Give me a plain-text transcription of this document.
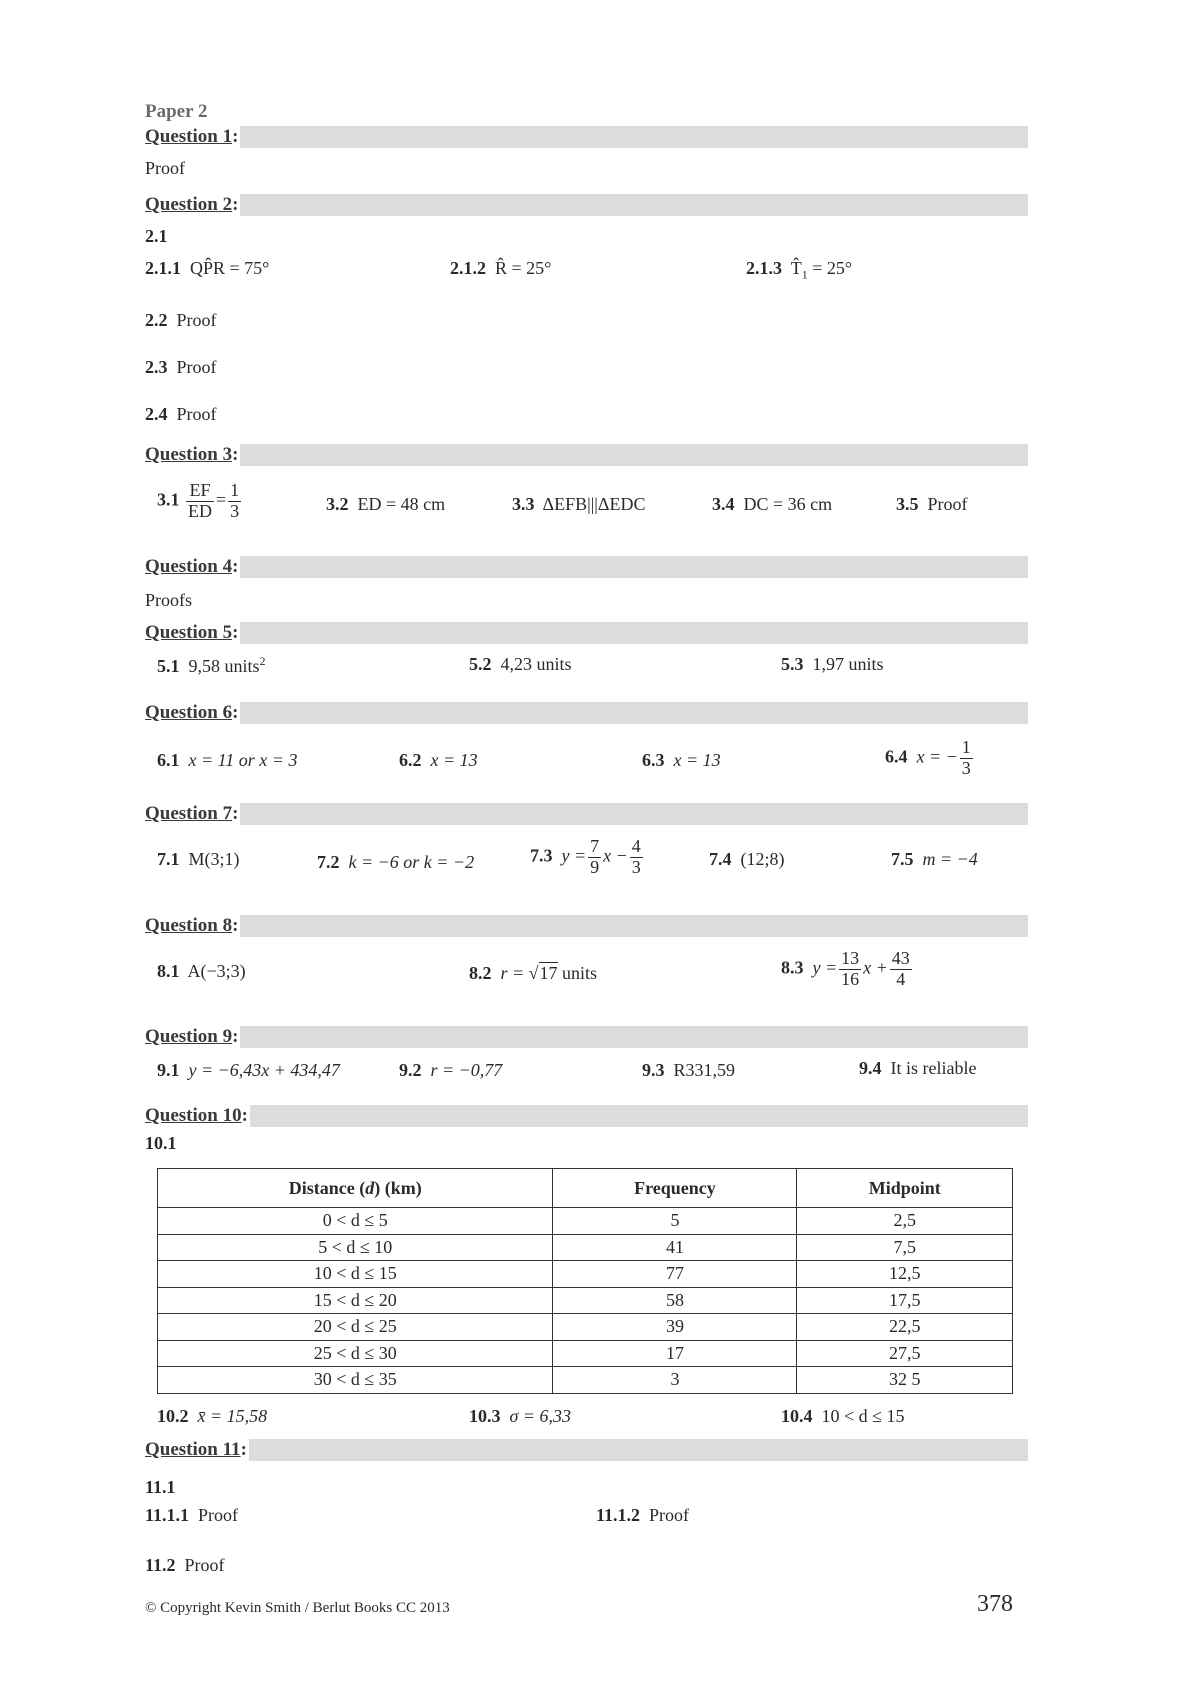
Paper 2
Question 1:
Proof
Question 2:
2.1
2.1.1 QP̂R = 75°	2.1.2 R̂ = 25°	2.1.3 $T̂_1 = 25^\circ$
2.2 Proof
2.3 Proof
2.4 Proof
Question 3:
$3.1 \frac{EF}{ED} = \frac{1}{3}$	3.2 ED = 48 cm	3.3 ΔEFB|||ΔEDC	3.4 DC = 36 cm	3.5 Proof
Question 4:
Proofs
Question 5:
5.1 9,58 units$^2$	5.2 4,23 units	5.3 1,97 units
Question 6:
6.1 x = 11 or x = 3	6.2 x = 13	6.3 x = 13	6.4 x = − $\frac{1}{3}$
Question 7:
7.1 M(3;1)	7.2 k = −6 or k = −2	7.3 $y = \frac{7}{9}$ $x - \frac{4}{3}$	7.4 (12;8)	7.5 m = −4
Question 8:
8.1 A(−3;3)	8.2 r = √17 units	8.3 $y = \frac{13}{16}$ $x + \frac{43}{4}$
Question 9:
9.1 y = −6,43x + 434,47	9.2 r = −0,77	9.3 R331,59	9.4 It is reliable
Question 10:
10.1
Distance (d) (km)	Frequency	Midpoint
0 < d ≤ 5	5	2,5
5 < d ≤ 10	41	7,5
10 < d ≤ 15	77	12,5
15 < d ≤ 20	58	17,5
20 < d ≤ 25	39	22,5
25 < d ≤ 30	17	27,5
30 < d ≤ 35	3	32 5
10.2 x̄ = 15,58	10.3 σ = 6,33	10.4 10 < d ≤ 15
Question 11:
11.1
11.1.1 Proof	11.1.2 Proof
11.2 Proof
© Copyright Kevin Smith / Berlut Books CC 2013	378
